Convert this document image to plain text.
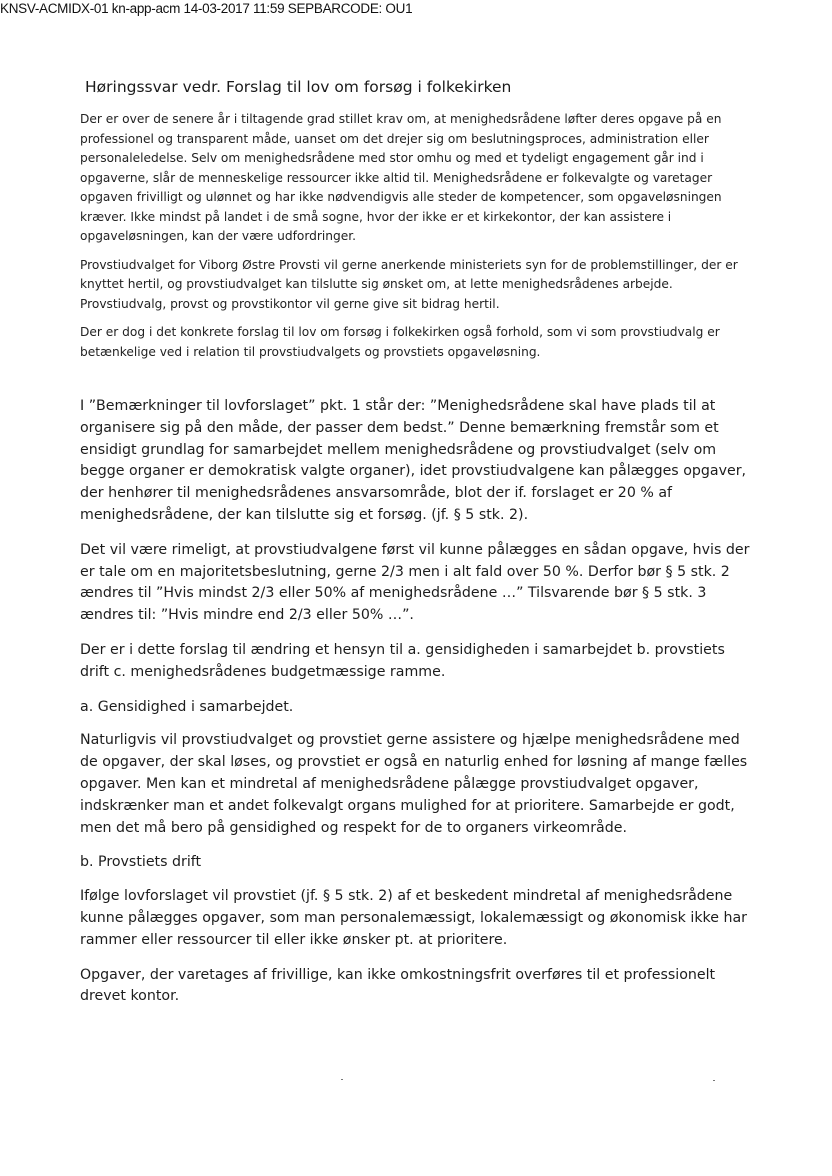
KNSV-ACMIDX-01 kn-app-acm 14-03-2017 11:59 SEPBARCODE: OU1
Høringssvar vedr. Forslag til lov om forsøg i folkekirken

Der er over de senere år i tiltagende grad stillet krav om, at menighedsrådene løfter deres opgave på en professionel og transparent måde, uanset om det drejer sig om beslutningsproces, administration eller personaleledelse. Selv om menighedsrådene med stor omhu og med et tydeligt engagement går ind i opgaverne, slår de menneskelige ressourcer ikke altid til. Menighedsrådene er folkevalgte og varetager opgaven frivilligt og ulønnet og har ikke nødvendigvis alle steder de kompetencer, som opgaveløsningen kræver. Ikke mindst på landet i de små sogne, hvor der ikke er et kirkekontor, der kan assistere i opgaveløsningen, kan der være udfordringer.

Provstiudvalget for Viborg Østre Provsti vil gerne anerkende ministeriets syn for de problemstillinger, der er knyttet hertil, og provstiudvalget kan tilslutte sig ønsket om, at lette menighedsrådenes arbejde. Provstiudvalg, provst og provstikontor vil gerne give sit bidrag hertil.

Der er dog i det konkrete forslag til lov om forsøg i folkekirken også forhold, som vi som provstiudvalg er betænkelige ved i relation til provstiudvalgets og provstiets opgaveløsning.

I ”Bemærkninger til lovforslaget” pkt. 1 står der: ”Menighedsrådene skal have plads til at organisere sig på den måde, der passer dem bedst.” Denne bemærkning fremstår som et ensidigt grundlag for samarbejdet mellem menighedsrådene og provstiudvalget (selv om begge organer er demokratisk valgte organer), idet provstiudvalgene kan pålægges opgaver, der henhører til menighedsrådenes ansvarsområde, blot der if. forslaget er 20 % af menighedsrådene, der kan tilslutte sig et forsøg. (jf. § 5 stk. 2).

Det vil være rimeligt, at provstiudvalgene først vil kunne pålægges en sådan opgave, hvis der er tale om en majoritetsbeslutning, gerne 2/3 men i alt fald over 50 %. Derfor bør § 5 stk. 2 ændres til ”Hvis mindst 2/3 eller 50% af menighedsrådene …” Tilsvarende bør § 5 stk. 3 ændres til: ”Hvis mindre end 2/3 eller 50% …”.

Der er i dette forslag til ændring et hensyn til a. gensidigheden i samarbejdet b. provstiets drift c. menighedsrådenes budgetmæssige ramme.

a. Gensidighed i samarbejdet.

Naturligvis vil provstiudvalget og provstiet gerne assistere og hjælpe menighedsrådene med de opgaver, der skal løses, og provstiet er også en naturlig enhed for løsning af mange fælles opgaver. Men kan et mindretal af menighedsrådene pålægge provstiudvalget opgaver, indskrænker man et andet folkevalgt organs mulighed for at prioritere. Samarbejde er godt, men det må bero på gensidighed og respekt for de to organers virkeområde.

b. Provstiets drift

Ifølge lovforslaget vil provstiet (jf. § 5 stk. 2) af et beskedent mindretal af menighedsrådene kunne pålægges opgaver, som man personalemæssigt, lokalemæssigt og økonomisk ikke har rammer eller ressourcer til eller ikke ønsker pt. at prioritere.

Opgaver, der varetages af frivillige, kan ikke omkostningsfrit overføres til et professionelt drevet kontor.
